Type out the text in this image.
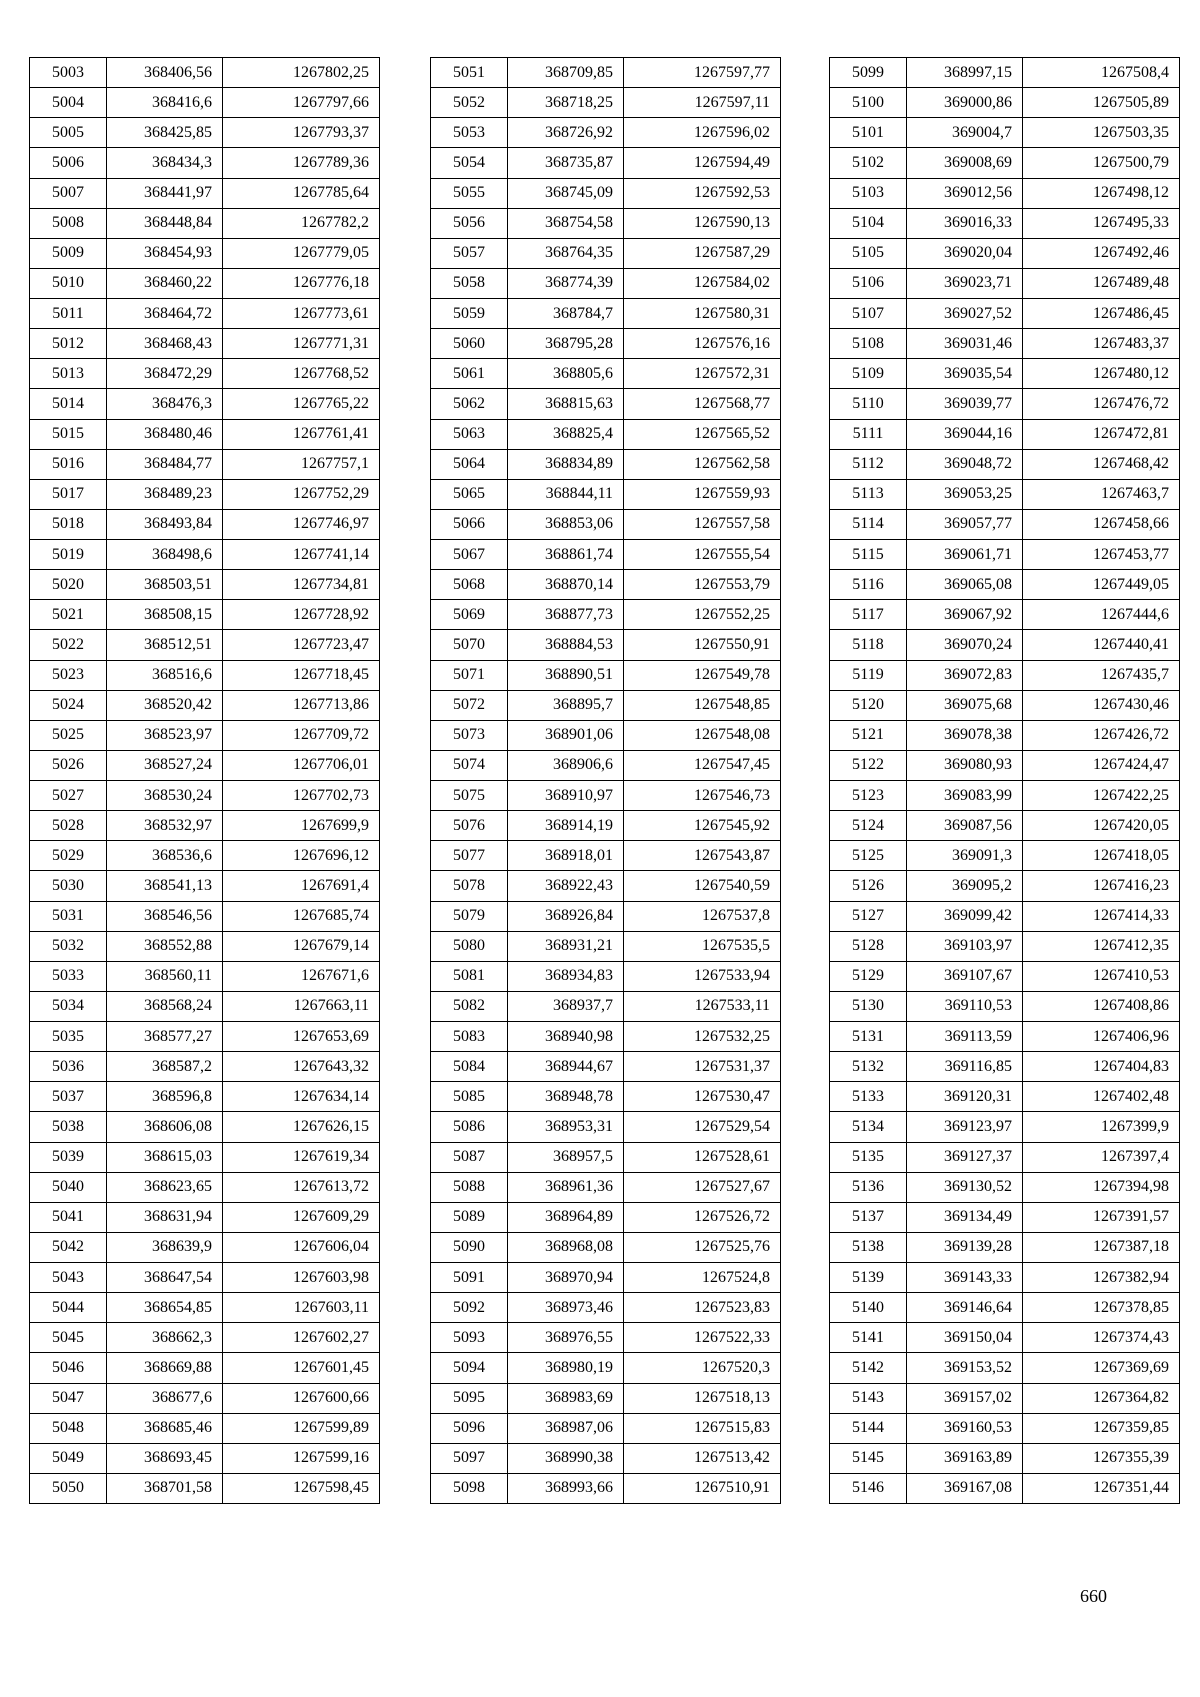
5003	368406,56	1267802,25
5004	368416,6	1267797,66
5005	368425,85	1267793,37
5006	368434,3	1267789,36
5007	368441,97	1267785,64
5008	368448,84	1267782,2
5009	368454,93	1267779,05
5010	368460,22	1267776,18
5011	368464,72	1267773,61
5012	368468,43	1267771,31
5013	368472,29	1267768,52
5014	368476,3	1267765,22
5015	368480,46	1267761,41
5016	368484,77	1267757,1
5017	368489,23	1267752,29
5018	368493,84	1267746,97
5019	368498,6	1267741,14
5020	368503,51	1267734,81
5021	368508,15	1267728,92
5022	368512,51	1267723,47
5023	368516,6	1267718,45
5024	368520,42	1267713,86
5025	368523,97	1267709,72
5026	368527,24	1267706,01
5027	368530,24	1267702,73
5028	368532,97	1267699,9
5029	368536,6	1267696,12
5030	368541,13	1267691,4
5031	368546,56	1267685,74
5032	368552,88	1267679,14
5033	368560,11	1267671,6
5034	368568,24	1267663,11
5035	368577,27	1267653,69
5036	368587,2	1267643,32
5037	368596,8	1267634,14
5038	368606,08	1267626,15
5039	368615,03	1267619,34
5040	368623,65	1267613,72
5041	368631,94	1267609,29
5042	368639,9	1267606,04
5043	368647,54	1267603,98
5044	368654,85	1267603,11
5045	368662,3	1267602,27
5046	368669,88	1267601,45
5047	368677,6	1267600,66
5048	368685,46	1267599,89
5049	368693,45	1267599,16
5050	368701,58	1267598,45
5051	368709,85	1267597,77
5052	368718,25	1267597,11
5053	368726,92	1267596,02
5054	368735,87	1267594,49
5055	368745,09	1267592,53
5056	368754,58	1267590,13
5057	368764,35	1267587,29
5058	368774,39	1267584,02
5059	368784,7	1267580,31
5060	368795,28	1267576,16
5061	368805,6	1267572,31
5062	368815,63	1267568,77
5063	368825,4	1267565,52
5064	368834,89	1267562,58
5065	368844,11	1267559,93
5066	368853,06	1267557,58
5067	368861,74	1267555,54
5068	368870,14	1267553,79
5069	368877,73	1267552,25
5070	368884,53	1267550,91
5071	368890,51	1267549,78
5072	368895,7	1267548,85
5073	368901,06	1267548,08
5074	368906,6	1267547,45
5075	368910,97	1267546,73
5076	368914,19	1267545,92
5077	368918,01	1267543,87
5078	368922,43	1267540,59
5079	368926,84	1267537,8
5080	368931,21	1267535,5
5081	368934,83	1267533,94
5082	368937,7	1267533,11
5083	368940,98	1267532,25
5084	368944,67	1267531,37
5085	368948,78	1267530,47
5086	368953,31	1267529,54
5087	368957,5	1267528,61
5088	368961,36	1267527,67
5089	368964,89	1267526,72
5090	368968,08	1267525,76
5091	368970,94	1267524,8
5092	368973,46	1267523,83
5093	368976,55	1267522,33
5094	368980,19	1267520,3
5095	368983,69	1267518,13
5096	368987,06	1267515,83
5097	368990,38	1267513,42
5098	368993,66	1267510,91
5099	368997,15	1267508,4
5100	369000,86	1267505,89
5101	369004,7	1267503,35
5102	369008,69	1267500,79
5103	369012,56	1267498,12
5104	369016,33	1267495,33
5105	369020,04	1267492,46
5106	369023,71	1267489,48
5107	369027,52	1267486,45
5108	369031,46	1267483,37
5109	369035,54	1267480,12
5110	369039,77	1267476,72
5111	369044,16	1267472,81
5112	369048,72	1267468,42
5113	369053,25	1267463,7
5114	369057,77	1267458,66
5115	369061,71	1267453,77
5116	369065,08	1267449,05
5117	369067,92	1267444,6
5118	369070,24	1267440,41
5119	369072,83	1267435,7
5120	369075,68	1267430,46
5121	369078,38	1267426,72
5122	369080,93	1267424,47
5123	369083,99	1267422,25
5124	369087,56	1267420,05
5125	369091,3	1267418,05
5126	369095,2	1267416,23
5127	369099,42	1267414,33
5128	369103,97	1267412,35
5129	369107,67	1267410,53
5130	369110,53	1267408,86
5131	369113,59	1267406,96
5132	369116,85	1267404,83
5133	369120,31	1267402,48
5134	369123,97	1267399,9
5135	369127,37	1267397,4
5136	369130,52	1267394,98
5137	369134,49	1267391,57
5138	369139,28	1267387,18
5139	369143,33	1267382,94
5140	369146,64	1267378,85
5141	369150,04	1267374,43
5142	369153,52	1267369,69
5143	369157,02	1267364,82
5144	369160,53	1267359,85
5145	369163,89	1267355,39
5146	369167,08	1267351,44
660
